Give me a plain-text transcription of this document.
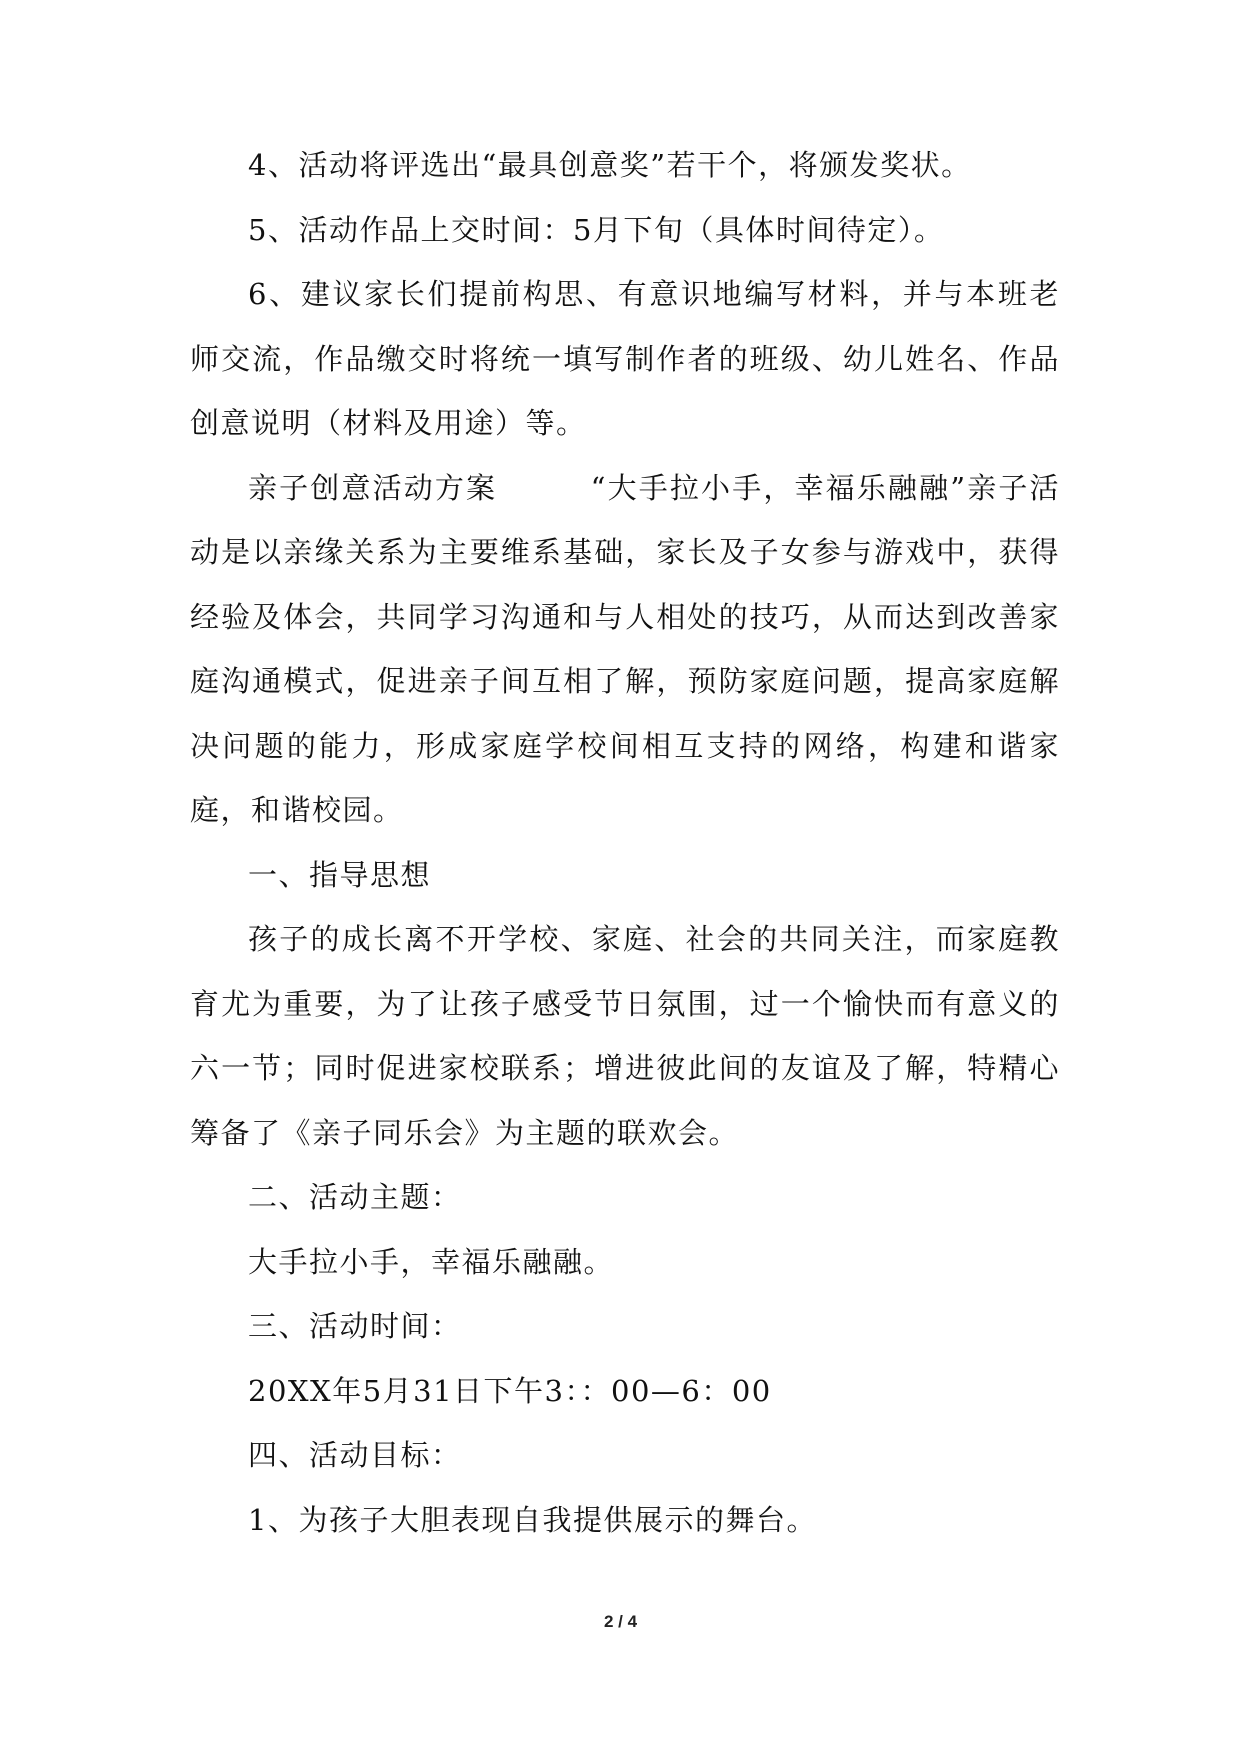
4、活动将评选出“最具创意奖”若干个，将颁发奖状。

5、活动作品上交时间：5月下旬（具体时间待定）。

6、建议家长们提前构思、有意识地编写材料，并与本班老师交流，作品缴交时将统一填写制作者的班级、幼儿姓名、作品创意说明（材料及用途）等。

亲子创意活动方案　　　“大手拉小手，幸福乐融融”亲子活动是以亲缘关系为主要维系基础，家长及子女参与游戏中，获得经验及体会，共同学习沟通和与人相处的技巧，从而达到改善家庭沟通模式，促进亲子间互相了解，预防家庭问题，提高家庭解决问题的能力，形成家庭学校间相互支持的网络，构建和谐家庭，和谐校园。

一、指导思想

孩子的成长离不开学校、家庭、社会的共同关注，而家庭教育尤为重要，为了让孩子感受节日氛围，过一个愉快而有意义的六一节；同时促进家校联系；增进彼此间的友谊及了解，特精心筹备了《亲子同乐会》为主题的联欢会。

二、活动主题：

大手拉小手，幸福乐融融。

三、活动时间：

20XX年5月31日下午3：：00—6：00

四、活动目标：

1、为孩子大胆表现自我提供展示的舞台。

2 / 4
